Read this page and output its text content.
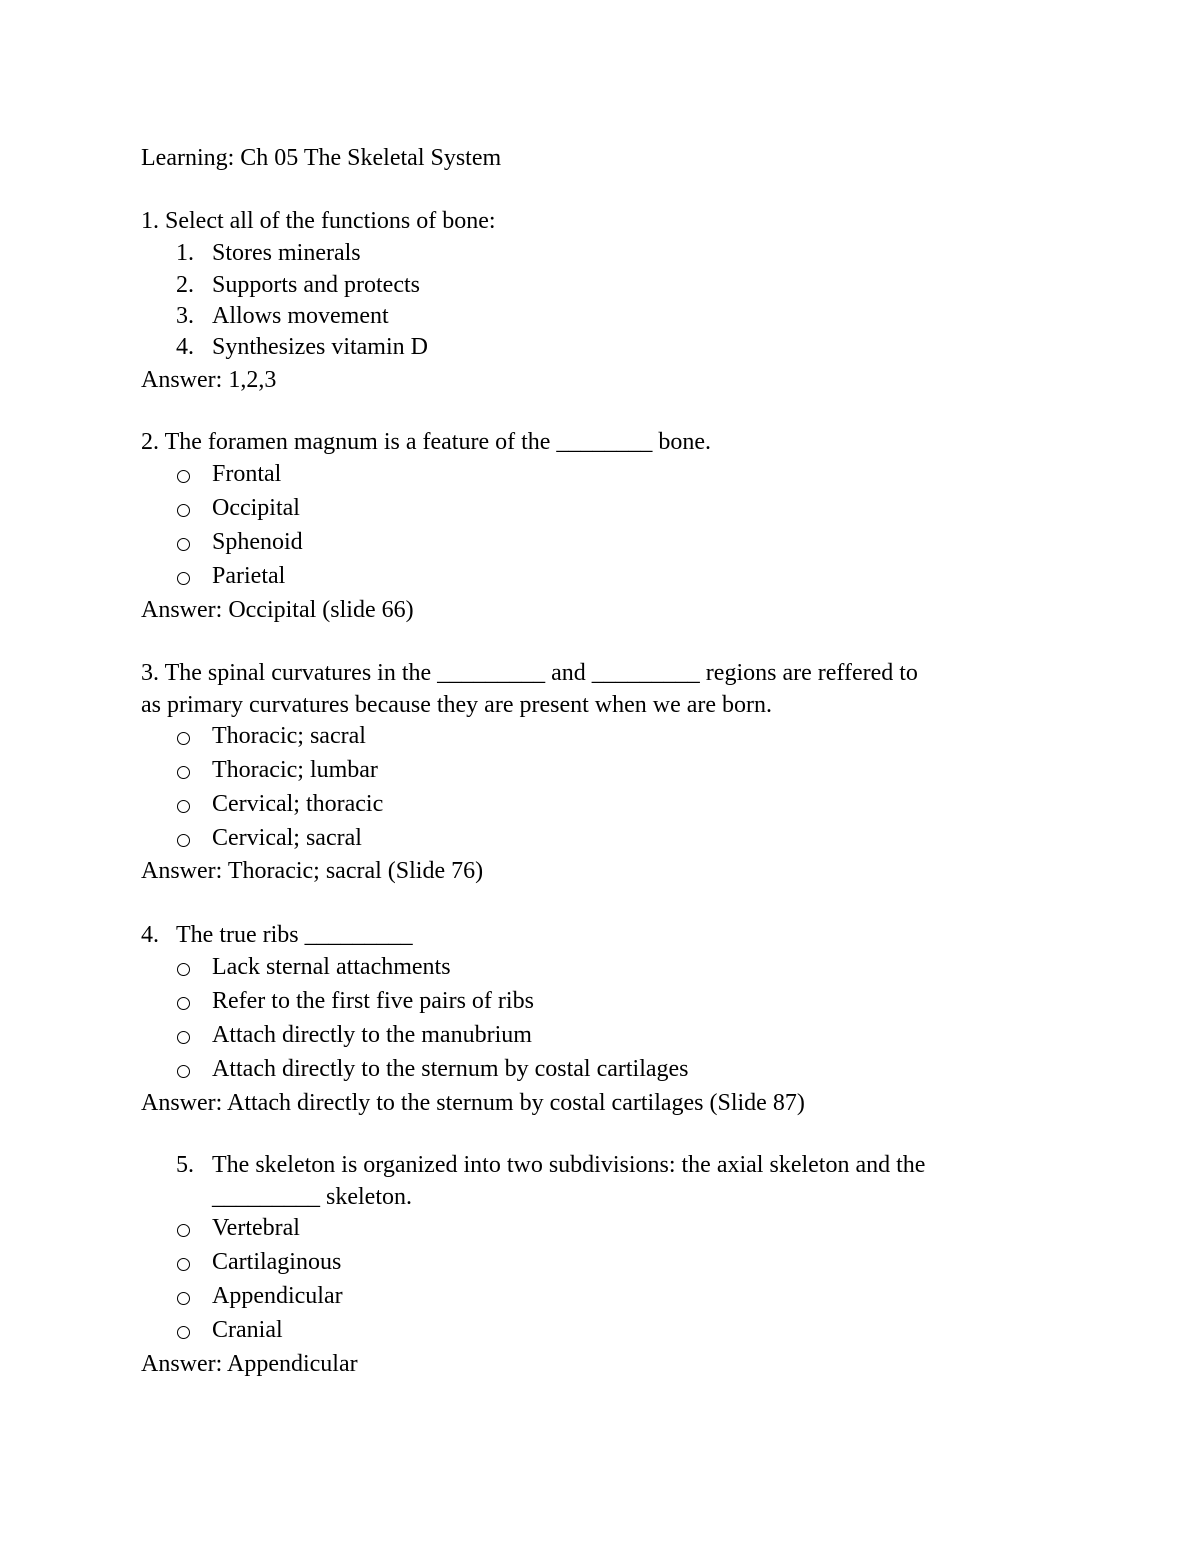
Learning: Ch 05 The Skeletal System
1. Select all of the functions of bone:
1. Stores minerals
2. Supports and protects
3. Allows movement
4. Synthesizes vitamin D
Answer: 1,2,3
2. The foramen magnum is a feature of the ________ bone.
Frontal
Occipital
Sphenoid
Parietal
Answer: Occipital (slide 66)
3. The spinal curvatures in the _________ and _________ regions are reffered to
as primary curvatures because they are present when we are born.
Thoracic; sacral
Thoracic; lumbar
Cervical; thoracic
Cervical; sacral
Answer: Thoracic; sacral (Slide 76)
4. The true ribs _________
Lack sternal attachments
Refer to the first five pairs of ribs
Attach directly to the manubrium
Attach directly to the sternum by costal cartilages
Answer: Attach directly to the sternum by costal cartilages (Slide 87)
5. The skeleton is organized into two subdivisions: the axial skeleton and the
_________ skeleton.
Vertebral
Cartilaginous
Appendicular
Cranial
Answer: Appendicular
